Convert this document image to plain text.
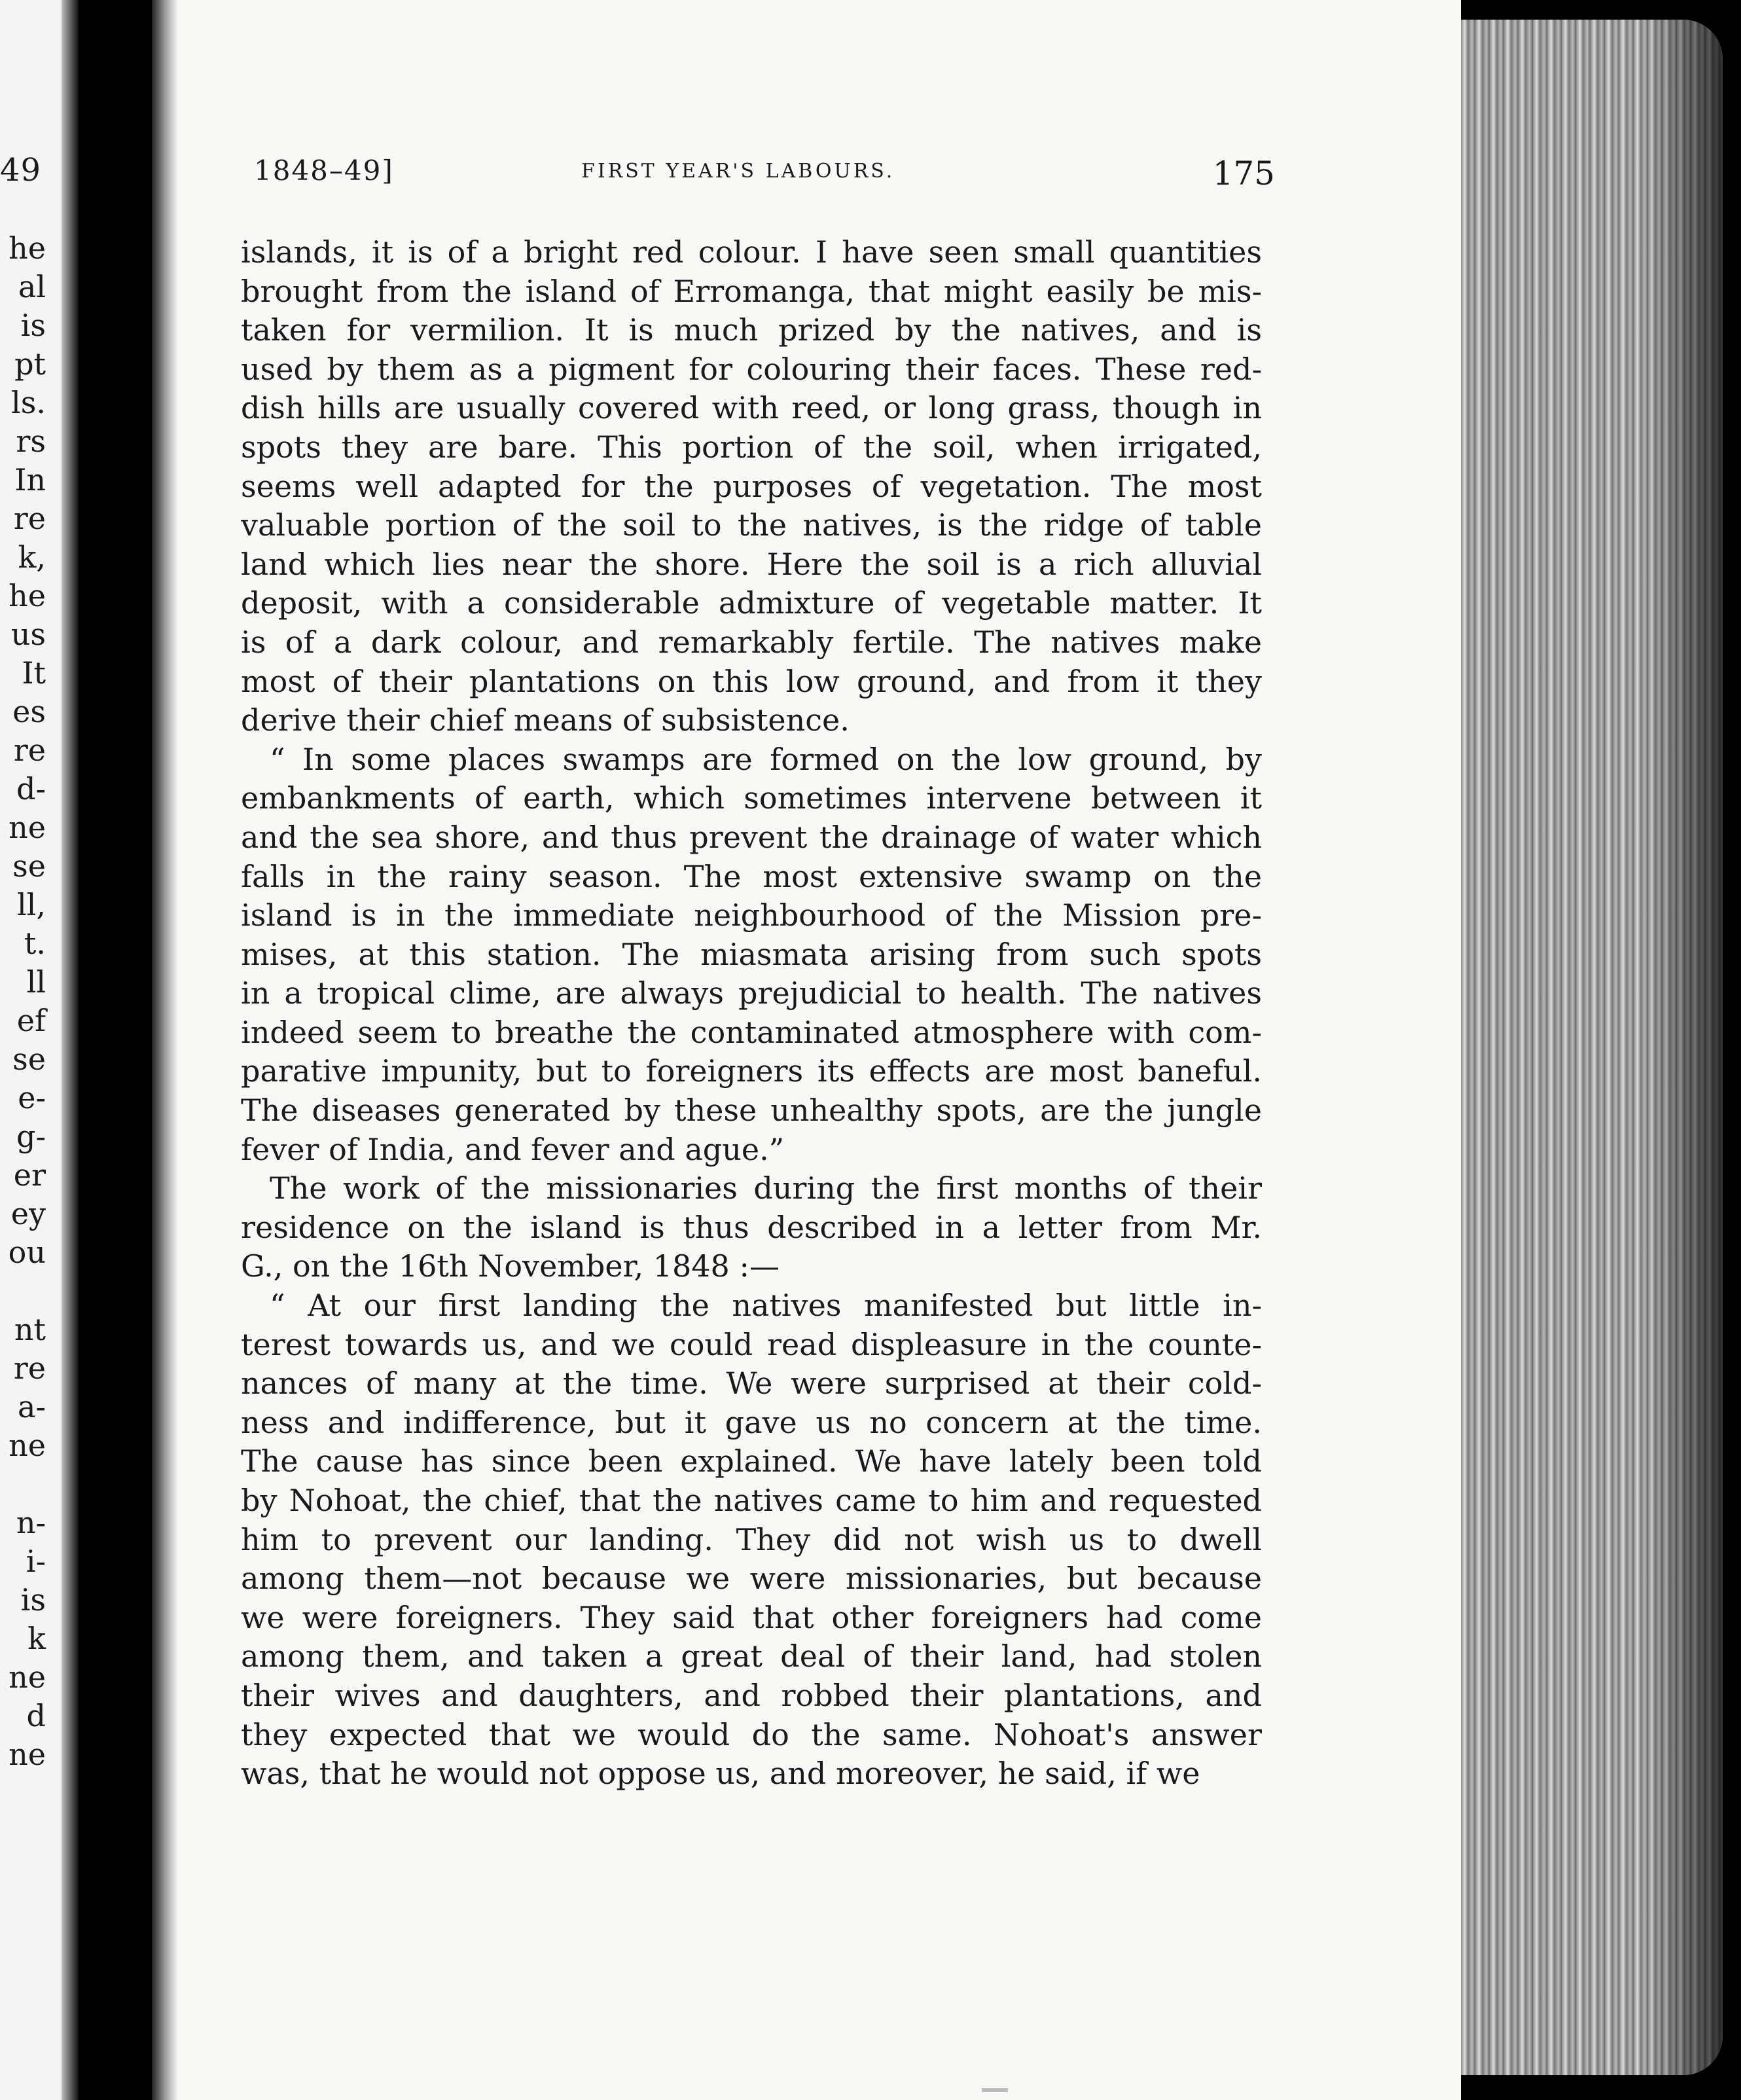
49
he
al
is
pt
ls.
rs
In
re
k,
he
us
It
es
re
d-
ne
se
ll,
t.
ll
ef
se
e-
g-
er
ey
ou
nt
re
a-
ne
n-
i-
is
k
ne
d
ne
1848–49]	FIRST YEAR'S LABOURS.	175
islands, it is of a bright red colour. I have seen small quantities
brought from the island of Erromanga, that might easily be mis-
taken for vermilion. It is much prized by the natives, and is
used by them as a pigment for colouring their faces. These red-
dish hills are usually covered with reed, or long grass, though in
spots they are bare. This portion of the soil, when irrigated,
seems well adapted for the purposes of vegetation. The most
valuable portion of the soil to the natives, is the ridge of table
land which lies near the shore. Here the soil is a rich alluvial
deposit, with a considerable admixture of vegetable matter. It
is of a dark colour, and remarkably fertile. The natives make
most of their plantations on this low ground, and from it they
derive their chief means of subsistence.
“ In some places swamps are formed on the low ground, by
embankments of earth, which sometimes intervene between it
and the sea shore, and thus prevent the drainage of water which
falls in the rainy season. The most extensive swamp on the
island is in the immediate neighbourhood of the Mission pre-
mises, at this station. The miasmata arising from such spots
in a tropical clime, are always prejudicial to health. The natives
indeed seem to breathe the contaminated atmosphere with com-
parative impunity, but to foreigners its effects are most baneful.
The diseases generated by these unhealthy spots, are the jungle
fever of India, and fever and ague.”
The work of the missionaries during the first months of their
residence on the island is thus described in a letter from Mr.
G., on the 16th November, 1848 :—
“ At our first landing the natives manifested but little in-
terest towards us, and we could read displeasure in the counte-
nances of many at the time. We were surprised at their cold-
ness and indifference, but it gave us no concern at the time.
The cause has since been explained. We have lately been told
by Nohoat, the chief, that the natives came to him and requested
him to prevent our landing. They did not wish us to dwell
among them—not because we were missionaries, but because
we were foreigners. They said that other foreigners had come
among them, and taken a great deal of their land, had stolen
their wives and daughters, and robbed their plantations, and
they expected that we would do the same. Nohoat's answer
was, that he would not oppose us, and moreover, he said, if we
